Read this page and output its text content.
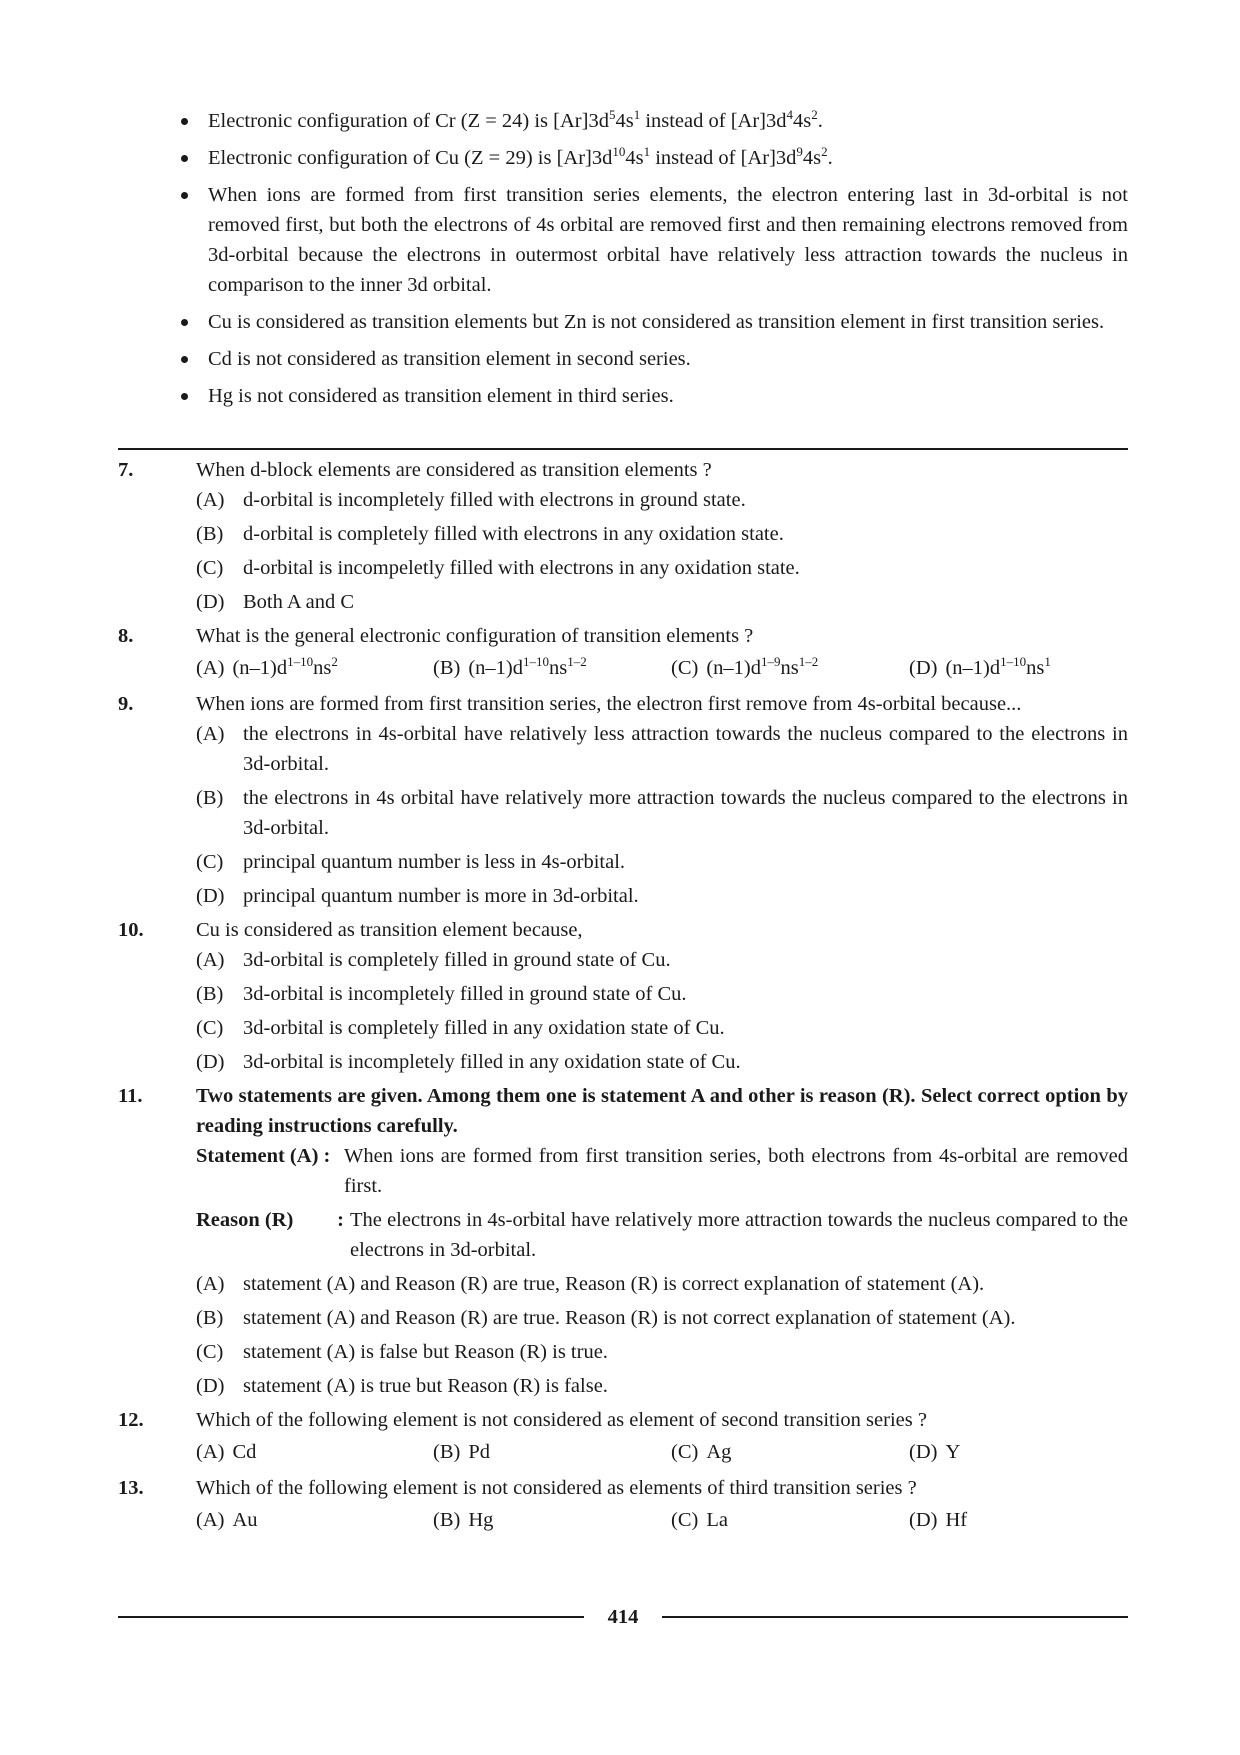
Electronic configuration of Cr (Z = 24) is $[Ar]3d^54s^1$ instead of $[Ar]3d^44s^2$.
Electronic configuration of Cu (Z = 29) is $[Ar]3d^{10}4s^1$ instead of $[Ar]3d^94s^2$.
When ions are formed from first transition series elements, the electron entering last in 3d-orbital is not removed first, but both the electrons of 4s orbital are removed first and then remaining electrons removed from 3d-orbital because the electrons in outermost orbital have relatively less attraction towards the nucleus in comparison to the inner 3d orbital.
Cu is considered as transition elements but Zn is not considered as transition element in first transition series.
Cd is not considered as transition element in second series.
Hg is not considered as transition element in third series.
7.	When d-block elements are considered as transition elements ?
(A) d-orbital is incompletely filled with electrons in ground state.
(B) d-orbital is completely filled with electrons in any oxidation state.
(C) d-orbital is incompeletly filled with electrons in any oxidation state.
(D) Both A and C
8.	What is the general electronic configuration of transition elements ?
(A) $(n-1)d^{1-10}ns^2$	(B) $(n-1)d^{1-10}ns^{1-2}$	(C) $(n-1)d^{1-9}ns^{1-2}$	(D) $(n-1)d^{1-10}ns^1$
9.	When ions are formed from first transition series, the electron first remove from 4s-orbital because...
(A) the electrons in 4s-orbital have relatively less attraction towards the nucleus compared to the electrons in 3d-orbital.
(B) the electrons in 4s orbital have relatively more attraction towards the nucleus compared to the electrons in 3d-orbital.
(C) principal quantum number is less in 4s-orbital.
(D) principal quantum number is more in 3d-orbital.
10.	Cu is considered as transition element because,
(A) 3d-orbital is completely filled in ground state of Cu.
(B) 3d-orbital is incompletely filled in ground state of Cu.
(C) 3d-orbital is completely filled in any oxidation state of Cu.
(D) 3d-orbital is incompletely filled in any oxidation state of Cu.
11.	Two statements are given. Among them one is statement A and other is reason (R). Select correct option by reading instructions carefully.
Statement (A) : When ions are formed from first transition series, both electrons from 4s-orbital are removed first.
Reason (R) : The electrons in 4s-orbital have relatively more attraction towards the nucleus compared to the electrons in 3d-orbital.
(A) statement (A) and Reason (R) are true, Reason (R) is correct explanation of statement (A).
(B) statement (A) and Reason (R) are true. Reason (R) is not correct explanation of statement (A).
(C) statement (A) is false but Reason (R) is true.
(D) statement (A) is true but Reason (R) is false.
12.	Which of the following element is not considered as element of second transition series ?
(A) Cd	(B) Pd	(C) Ag	(D) Y
13.	Which of the following element is not considered as elements of third transition series ?
(A) Au	(B) Hg	(C) La	(D) Hf
414
